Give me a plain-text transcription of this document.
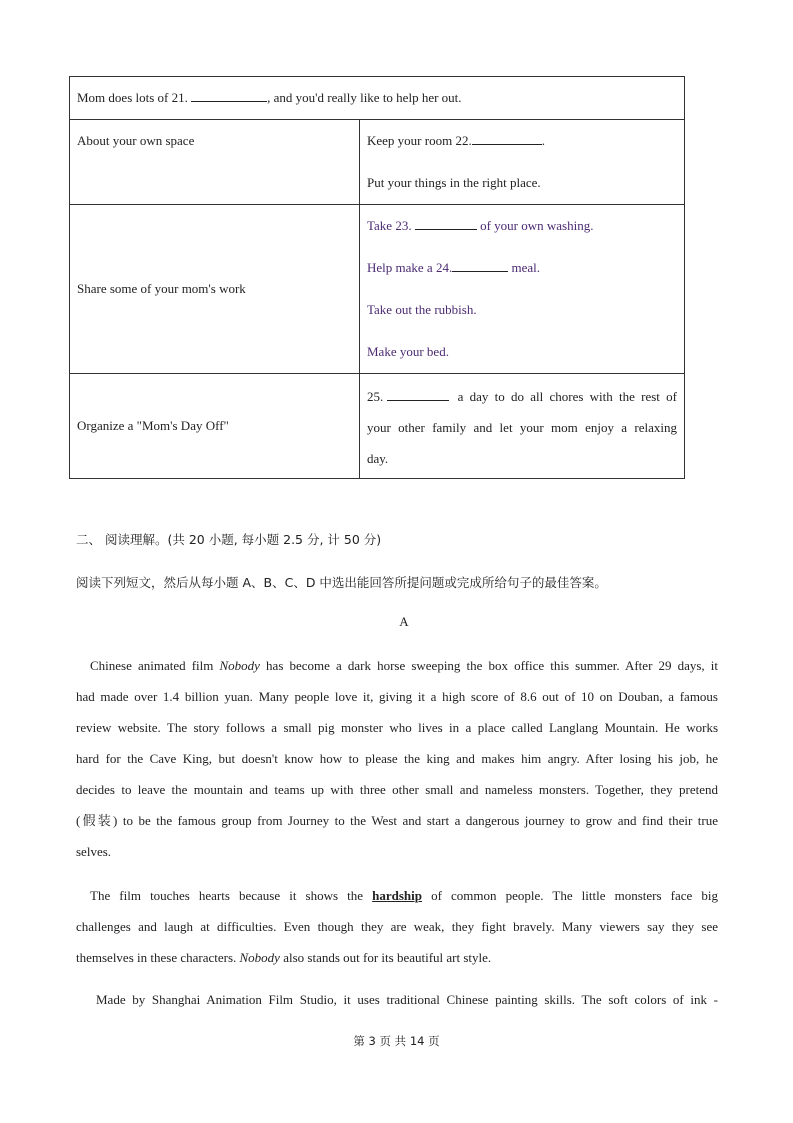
Mom does lots of 21. , and you'd really like to help her out.	

About your own space	Keep your room 22. .

Put your things in the right place.

Share some of your mom's work	Take 23. of your own washing.

Help make a 24. meal.

Take out the rubbish.

Make your bed.

Organize a "Mom's Day Off"	25. a day to do all chores with the rest of
your other family and let your mom enjoy a relaxing
day.
二、 阅读理解。(共 20 小题, 每小题 2.5 分, 计 50 分)
阅读下列短文，然后从每小题 A、B、C、D 中选出能回答所提问题或完成所给句子的最佳答案。
A
Chinese animated film Nobody has become a dark horse sweeping the box office this summer. After 29 days, it
had made over 1.4 billion yuan. Many people love it, giving it a high score of 8.6 out of 10 on Douban, a famous
review website. The story follows a small pig monster who lives in a place called Langlang Mountain. He works
hard for the Cave King, but doesn't know how to please the king and makes him angry. After losing his job, he
decides to leave the mountain and teams up with three other small and nameless monsters. Together, they pretend
(假装) to be the famous group from Journey to the West and start a dangerous journey to grow and find their true
selves.
The film touches hearts because it shows the hardship of common people. The little monsters face big
challenges and laugh at difficulties. Even though they are weak, they fight bravely. Many viewers say they see
themselves in these characters. Nobody also stands out for its beautiful art style.
Made by Shanghai Animation Film Studio, it uses traditional Chinese painting skills. The soft colors of ink -
第 3 页 共 14 页
